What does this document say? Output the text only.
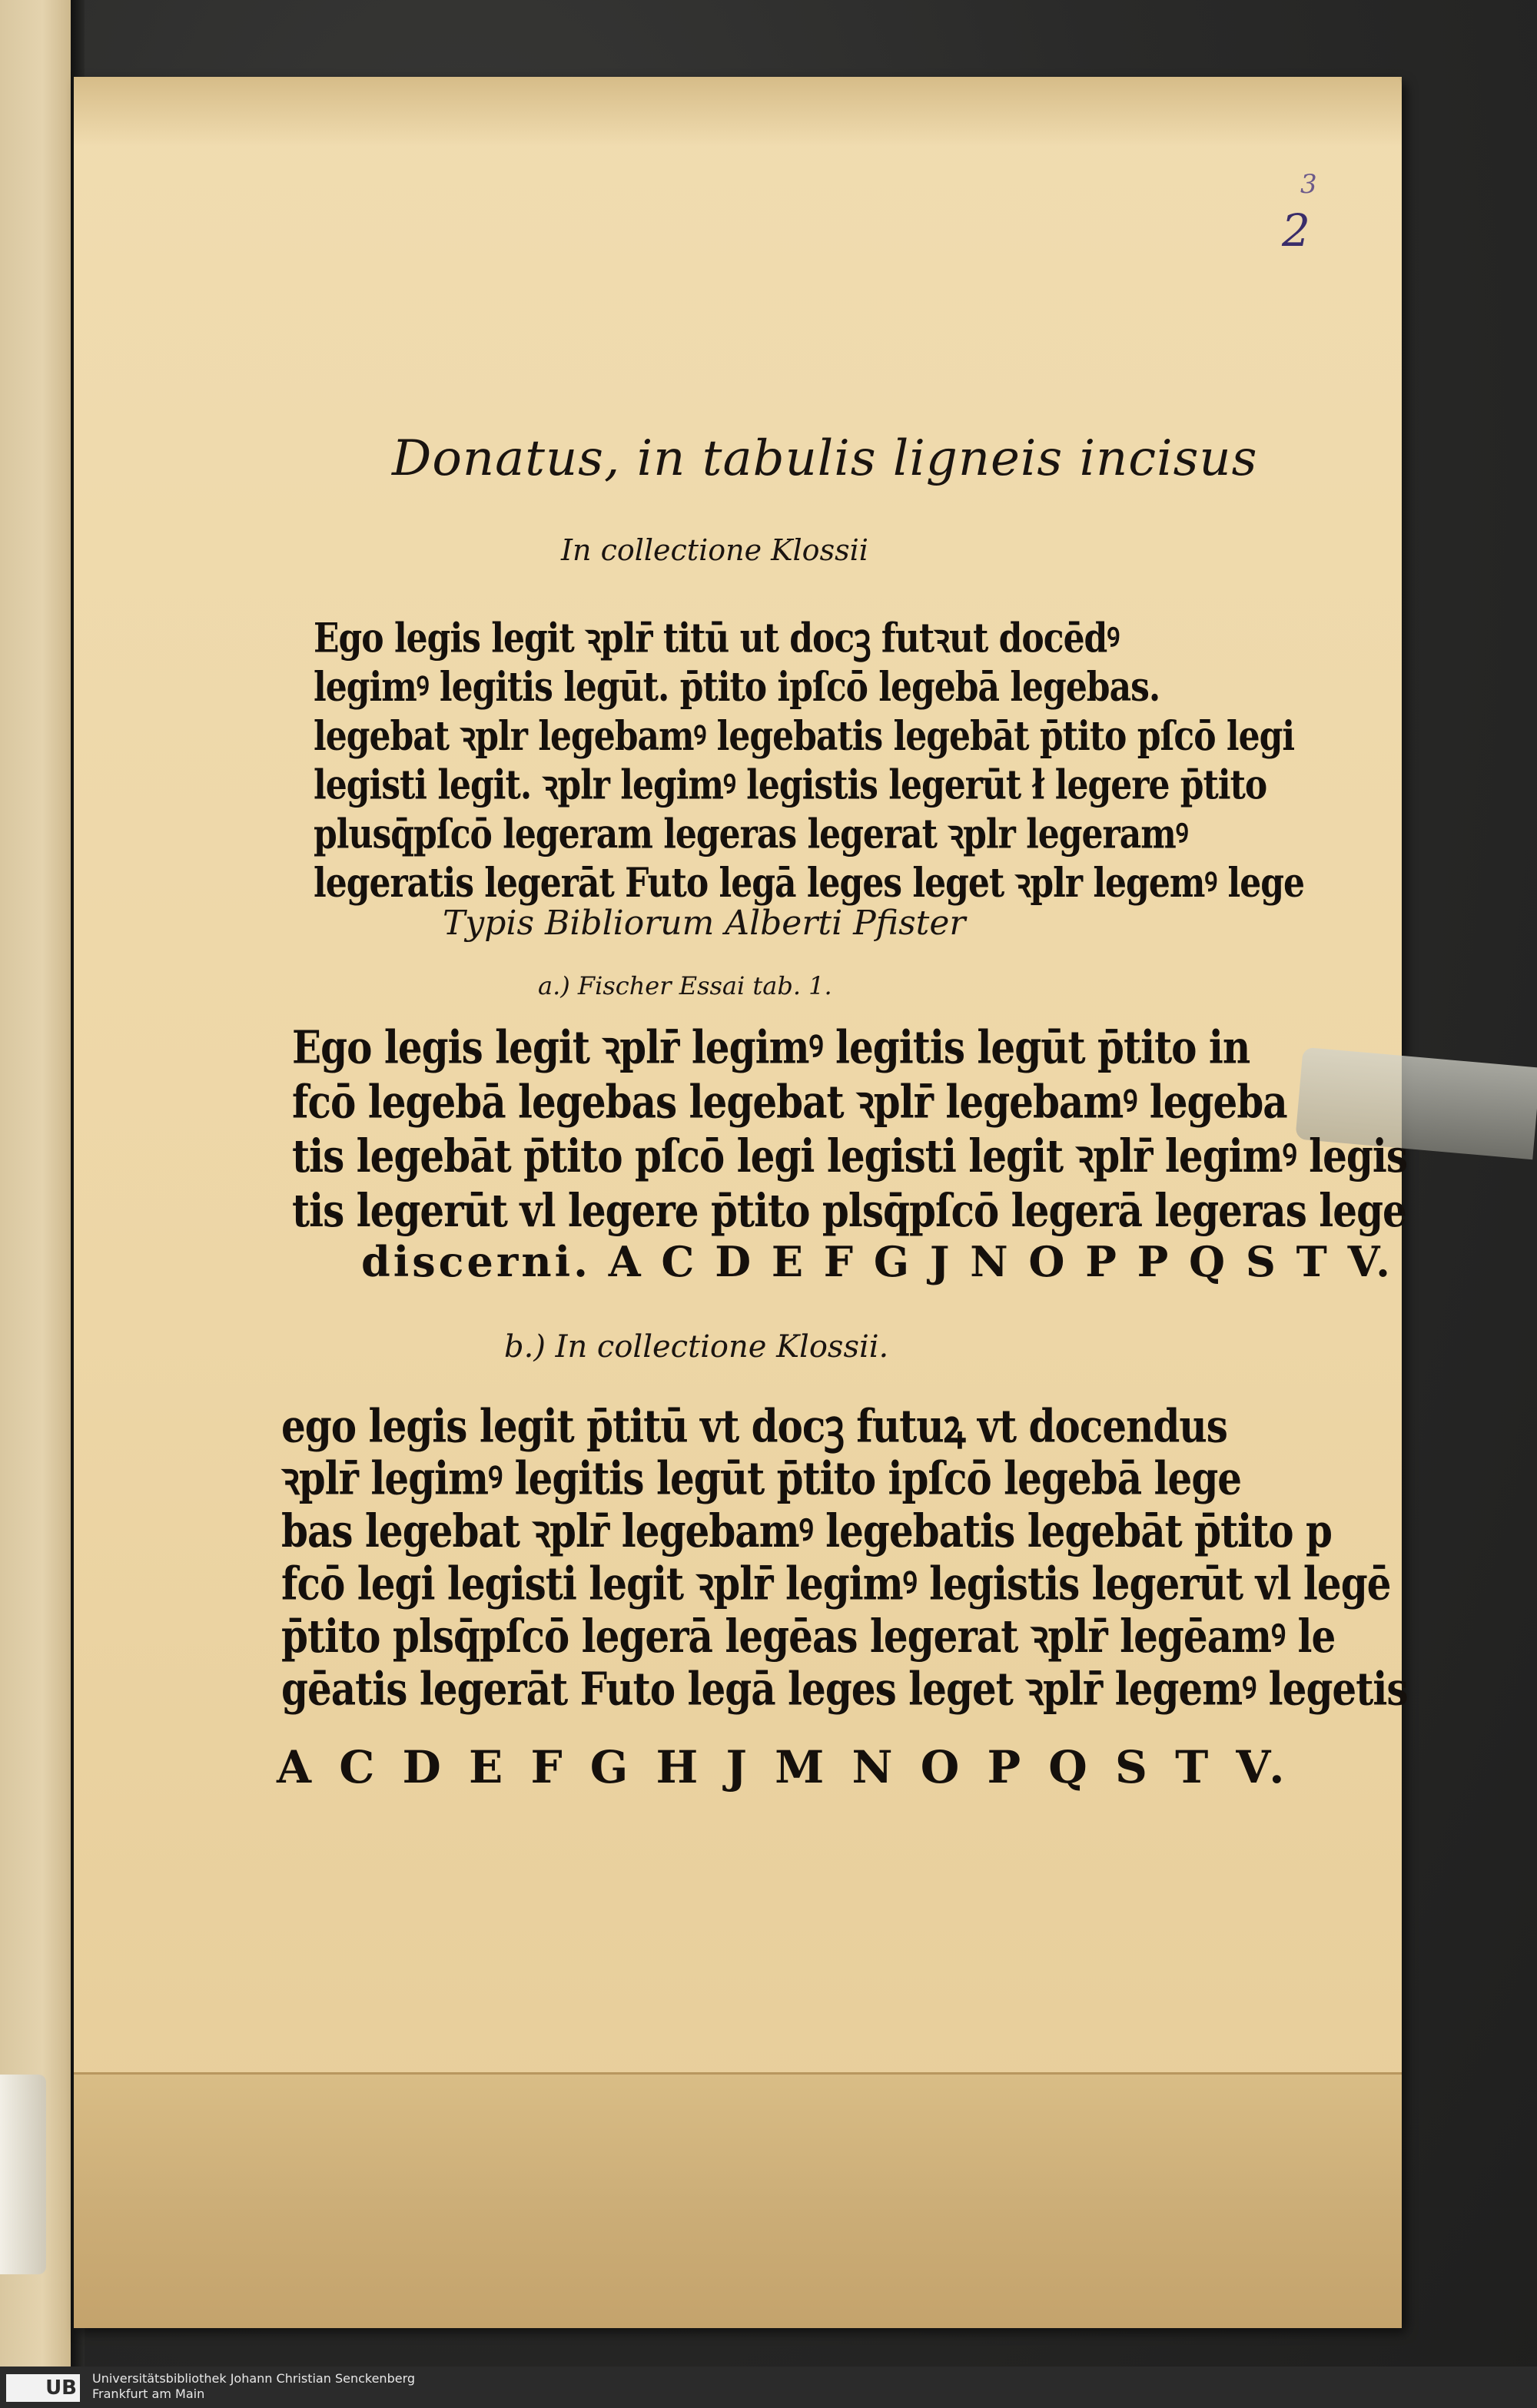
3
2
Donatus, in tabulis ligneis incisus
In collectione Klossii
Ego legis legit ꝛplr̄ titū ut docꝫ futꝛut docēdꝰ
legimꝰ legitis legūt. p̄tito ipſcō legebā legebas.
legebat ꝛplr legebamꝰ legebatis legebāt p̄tito pſcō legi
legisti legit. ꝛplr legimꝰ legistis legerūt ł legere p̄tito
plusq̄pſcō legeram legeras legerat ꝛplr legeramꝰ
legeratis legerāt Futo legā leges leget ꝛplr legemꝰ lege
Typis Bibliorum Alberti Pfister
a.) Fischer Essai tab. 1.
Ego legis legit ꝛplr̄ legimꝰ legitis legūt p̄tito in
fcō legebā legebas legebat ꝛplr̄ legebamꝰ legeba
tis legebāt p̄tito pſcō legi legisti legit ꝛplr̄ legimꝰ legis
tis legerūt vl legere p̄tito plsq̄pſcō legerā legeras lege
discerni. A C D E F G J N O P P Q S T V.
b.) In collectione Klossii.
ego legis legit p̄titū vt docꝫ futuꝝ vt docendus
ꝛplr̄ legimꝰ legitis legūt p̄tito ipſcō legebā lege
bas legebat ꝛplr̄ legebamꝰ legebatis legebāt p̄tito p
fcō legi legisti legit ꝛplr̄ legimꝰ legistis legerūt vl legē
p̄tito plsq̄pſcō legerā legēas legerat ꝛplr̄ legēamꝰ le
gēatis legerāt Futo legā leges leget ꝛplr̄ legemꝰ legetis
A C D E F G H J M N O P Q S T V.
UB Universitätsbibliothek Johann Christian Senckenberg
Frankfurt am Main
